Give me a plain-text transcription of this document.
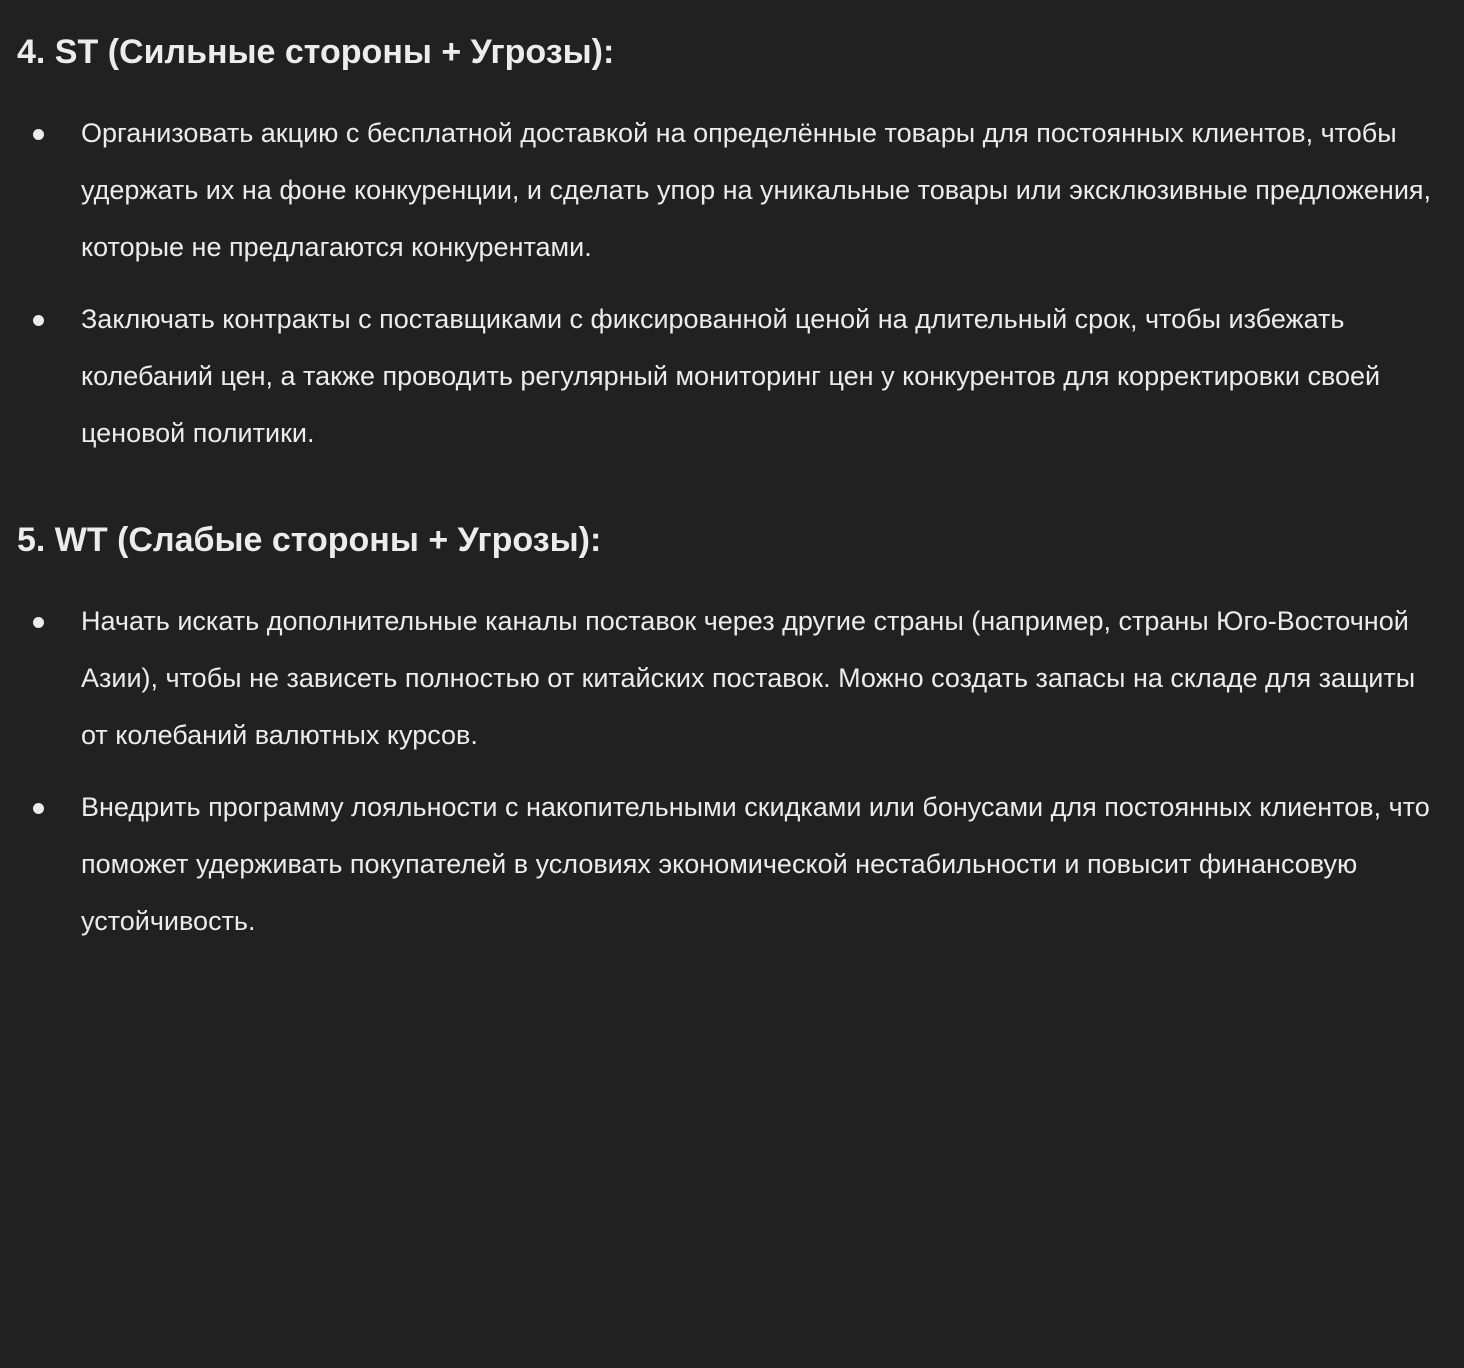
4. ST (Сильные стороны + Угрозы):
Организовать акцию с бесплатной доставкой на определённые товары для постоянных клиентов, чтобы удержать их на фоне конкуренции, и сделать упор на уникальные товары или эксклюзивные предложения, которые не предлагаются конкурентами.
Заключать контракты с поставщиками с фиксированной ценой на длительный срок, чтобы избежать колебаний цен, а также проводить регулярный мониторинг цен у конкурентов для корректировки своей ценовой политики.
5. WT (Слабые стороны + Угрозы):
Начать искать дополнительные каналы поставок через другие страны (например, страны Юго-Восточной Азии), чтобы не зависеть полностью от китайских поставок. Можно создать запасы на складе для защиты от колебаний валютных курсов.
Внедрить программу лояльности с накопительными скидками или бонусами для постоянных клиентов, что поможет удерживать покупателей в условиях экономической нестабильности и повысит финансовую устойчивость.
